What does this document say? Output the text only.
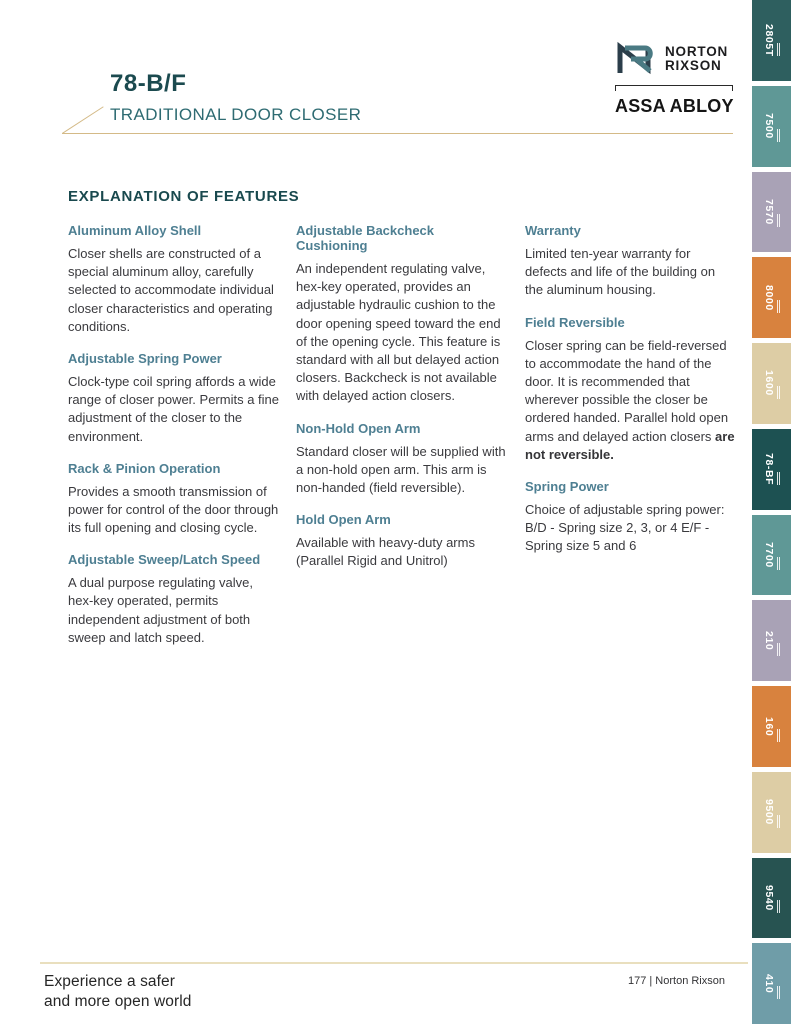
78-B/F
TRADITIONAL DOOR CLOSER
NORTON
RIXSON
ASSA ABLOY
EXPLANATION OF FEATURES
Aluminum Alloy Shell
Closer shells are constructed of a special aluminum alloy, carefully selected to accommodate individual closer characteristics and operating conditions.
Adjustable Spring Power
Clock-type coil spring affords a wide range of closer power. Permits a fine adjustment of the closer to the environment.
Rack & Pinion Operation
Provides a smooth transmission of power for control of the door through its full opening and closing cycle.
Adjustable Sweep/Latch Speed
A dual purpose regulating valve, hex-key operated, permits independent adjustment of both sweep and latch speed.
Adjustable Backcheck Cushioning
An independent regulating valve, hex-key operated, provides an adjustable hydraulic cushion to the door opening speed toward the end of the opening cycle. This feature is standard with all but delayed action closers. Backcheck is not available with delayed action closers.
Non-Hold Open Arm
Standard closer will be supplied with a non-hold open arm. This arm is non-handed (field reversible).
Hold Open Arm
Available with heavy-duty arms (Parallel Rigid and Unitrol)
Warranty
Limited ten-year warranty for defects and life of the building on the aluminum housing.
Field Reversible
Closer spring can be field-reversed to accommodate the hand of the door. It is recommended that wherever possible the closer be ordered handed. Parallel hold open arms and delayed action closers are not reversible.
Spring Power
Choice of adjustable spring power: B/D - Spring size 2, 3, or 4 E/F - Spring size 5 and 6
Experience a safer
and more open world
177 | Norton Rixson
2805T
7500
7570
8000
1600
78-BF
7700
210
160
9500
9540
410
